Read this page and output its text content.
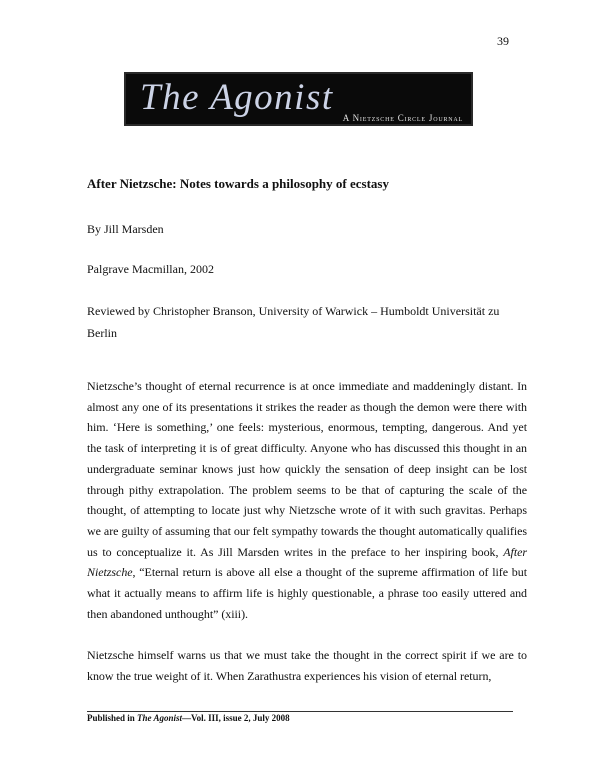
39
The Agonist A Nietzsche Circle Journal

After Nietzsche: Notes towards a philosophy of ecstasy

By Jill Marsden

Palgrave Macmillan, 2002

Reviewed by Christopher Branson, University of Warwick – Humboldt Universität zu Berlin

Nietzsche’s thought of eternal recurrence is at once immediate and maddeningly distant. In almost any one of its presentations it strikes the reader as though the demon were there with him. ‘Here is something,’ one feels: mysterious, enormous, tempting, dangerous. And yet the task of interpreting it is of great difficulty. Anyone who has discussed this thought in an undergraduate seminar knows just how quickly the sensation of deep insight can be lost through pithy extrapolation. The problem seems to be that of capturing the scale of the thought, of attempting to locate just why Nietzsche wrote of it with such gravitas. Perhaps we are guilty of assuming that our felt sympathy towards the thought automatically qualifies us to conceptualize it. As Jill Marsden writes in the preface to her inspiring book, After Nietzsche, “Eternal return is above all else a thought of the supreme affirmation of life but what it actually means to affirm life is highly questionable, a phrase too easily uttered and then abandoned unthought” (xiii).

Nietzsche himself warns us that we must take the thought in the correct spirit if we are to know the true weight of it. When Zarathustra experiences his vision of eternal return,

Published in The Agonist—Vol. III, issue 2, July 2008
